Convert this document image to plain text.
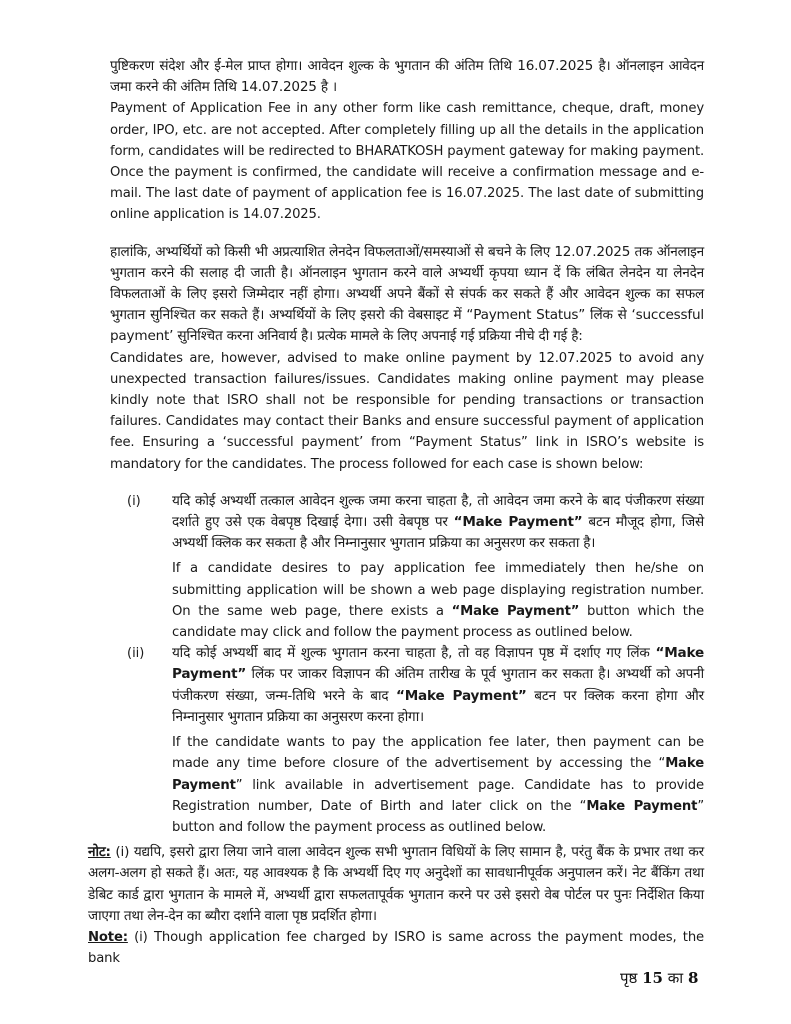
पुष्टिकरण संदेश और ई-मेल प्राप्त होगा। आवेदन शुल्क के भुगतान की अंतिम तिथि 16.07.2025 है। ऑनलाइन आवेदन जमा करने की अंतिम तिथि 14.07.2025 है ।

Payment of Application Fee in any other form like cash remittance, cheque, draft, money order, IPO, etc. are not accepted. After completely filling up all the details in the application form, candidates will be redirected to BHARATKOSH payment gateway for making payment. Once the payment is confirmed, the candidate will receive a confirmation message and e-mail. The last date of payment of application fee is 16.07.2025. The last date of submitting online application is 14.07.2025.

हालांकि, अभ्यर्थियों को किसी भी अप्रत्याशित लेनदेन विफलताओं/समस्याओं से बचने के लिए 12.07.2025 तक ऑनलाइन भुगतान करने की सलाह दी जाती है। ऑनलाइन भुगतान करने वाले अभ्यर्थी कृपया ध्यान दें कि लंबित लेनदेन या लेनदेन विफलताओं के लिए इसरो जिम्मेदार नहीं होगा। अभ्यर्थी अपने बैंकों से संपर्क कर सकते हैं और आवेदन शुल्क का सफल भुगतान सुनिश्चित कर सकते हैं। अभ्यर्थियों के लिए इसरो की वेबसाइट में “Payment Status” लिंक से ‘successful payment’ सुनिश्चित करना अनिवार्य है। प्रत्येक मामले के लिए अपनाई गई प्रक्रिया नीचे दी गई है:

Candidates are, however, advised to make online payment by 12.07.2025 to avoid any unexpected transaction failures/issues. Candidates making online payment may please kindly note that ISRO shall not be responsible for pending transactions or transaction failures. Candidates may contact their Banks and ensure successful payment of application fee. Ensuring a ‘successful payment’ from “Payment Status” link in ISRO’s website is mandatory for the candidates. The process followed for each case is shown below:

(i) यदि कोई अभ्यर्थी तत्काल आवेदन शुल्क जमा करना चाहता है, तो आवेदन जमा करने के बाद पंजीकरण संख्या दर्शाते हुए उसे एक वेबपृष्ठ दिखाई देगा। उसी वेबपृष्ठ पर “Make Payment” बटन मौजूद होगा, जिसे अभ्यर्थी क्लिक कर सकता है और निम्नानुसार भुगतान प्रक्रिया का अनुसरण कर सकता है।

If a candidate desires to pay application fee immediately then he/she on submitting application will be shown a web page displaying registration number. On the same web page, there exists a “Make Payment” button which the candidate may click and follow the payment process as outlined below.

(ii) यदि कोई अभ्यर्थी बाद में शुल्क भुगतान करना चाहता है, तो वह विज्ञापन पृष्ठ में दर्शाए गए लिंक “Make Payment” लिंक पर जाकर विज्ञापन की अंतिम तारीख के पूर्व भुगतान कर सकता है। अभ्यर्थी को अपनी पंजीकरण संख्या, जन्म-तिथि भरने के बाद “Make Payment” बटन पर क्लिक करना होगा और निम्नानुसार भुगतान प्रक्रिया का अनुसरण करना होगा।

If the candidate wants to pay the application fee later, then payment can be made any time before closure of the advertisement by accessing the “Make Payment” link available in advertisement page. Candidate has to provide Registration number, Date of Birth and later click on the “Make Payment” button and follow the payment process as outlined below.

नोट: (i) यद्यपि, इसरो द्वारा लिया जाने वाला आवेदन शुल्क सभी भुगतान विधियों के लिए सामान है, परंतु बैंक के प्रभार तथा कर अलग-अलग हो सकते हैं। अतः, यह आवश्यक है कि अभ्यर्थी दिए गए अनुदेशों का सावधानीपूर्वक अनुपालन करें। नेट बैंकिंग तथा डेबिट कार्ड द्वारा भुगतान के मामले में, अभ्यर्थी द्वारा सफलतापूर्वक भुगतान करने पर उसे इसरो वेब पोर्टल पर पुनः निर्देशित किया जाएगा तथा लेन-देन का ब्यौरा दर्शाने वाला पृष्ठ प्रदर्शित होगा।

Note: (i) Though application fee charged by ISRO is same across the payment modes, the bank

पृष्ठ 15 का 8
